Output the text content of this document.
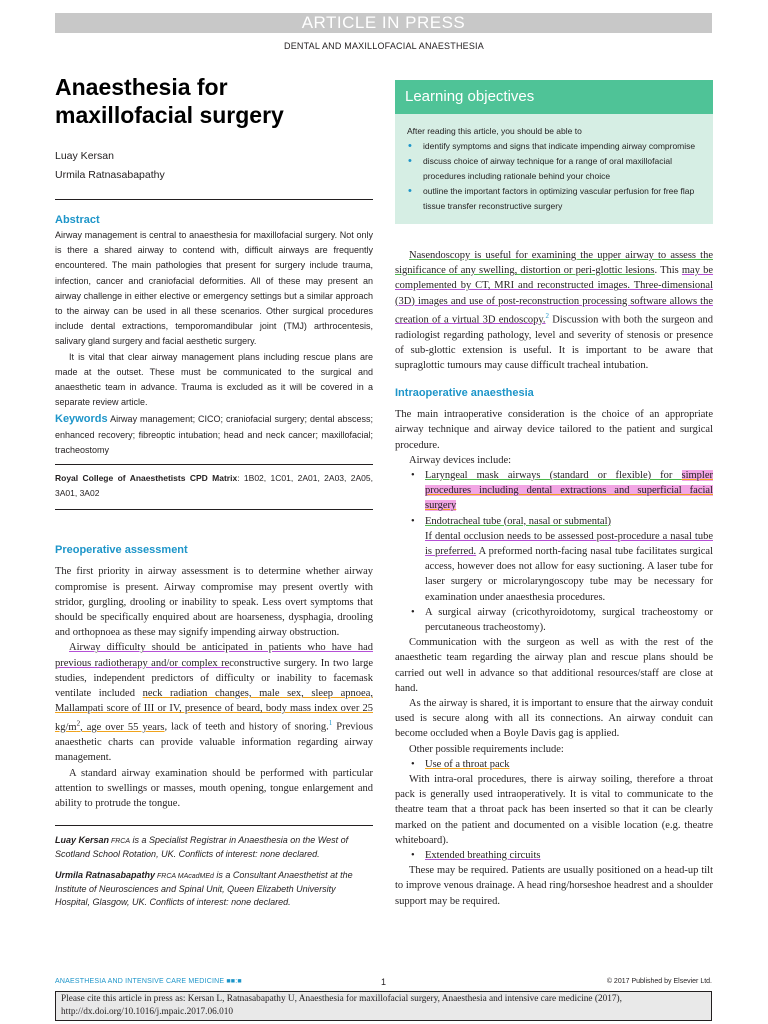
ARTICLE IN PRESS
DENTAL AND MAXILLOFACIAL ANAESTHESIA
Anaesthesia for maxillofacial surgery
Luay Kersan
Urmila Ratnasabapathy
Abstract

Airway management is central to anaesthesia for maxillofacial surgery. Not only is there a shared airway to contend with, difficult airways are frequently encountered. The main pathologies that present for surgery include trauma, infection, cancer and craniofacial deformities. All of these may present an airway challenge in either elective or emergency settings but a similar approach to the airway can be used in all these scenarios. Other surgical procedures include dental extractions, temporomandibular joint (TMJ) arthrocentesis, salivary gland surgery and facial aesthetic surgery.

It is vital that clear airway management plans including rescue plans are made at the outset. These must be communicated to the surgical and anaesthetic team in advance. Trauma is excluded as it will be covered in a separate review article.

Keywords Airway management; CICO; craniofacial surgery; dental abscess; enhanced recovery; fibreoptic intubation; head and neck cancer; maxillofacial; tracheostomy

Royal College of Anaesthetists CPD Matrix: 1B02, 1C01, 2A01, 2A03, 2A05, 3A01, 3A02

Preoperative assessment

The first priority in airway assessment is to determine whether airway compromise is present. Airway compromise may present overtly with stridor, gurgling, drooling or inability to speak. Less overt symptoms that should be specifically enquired about are hoarseness, dysphagia, drooling and orthopnoea as these may signify impending airway obstruction.

Airway difficulty should be anticipated in patients who have had previous radiotherapy and/or complex reconstructive surgery. In two large studies, independent predictors of difficulty or inability to facemask ventilate included neck radiation changes, male sex, sleep apnoea, Mallampati score of III or IV, presence of beard, body mass index over 25 $kg/m^2$, age over 55 years, lack of teeth and history of snoring.$^1$ Previous anaesthetic charts can provide valuable information regarding airway management.

A standard airway examination should be performed with particular attention to swellings or masses, mouth opening, tongue enlargement and ability to protrude the tongue.

Luay Kersan FRCA is a Specialist Registrar in Anaesthesia on the West of Scotland School Rotation, UK. Conflicts of interest: none declared.

Urmila Ratnasabapathy FRCA MAcadMEd is a Consultant Anaesthetist at the Institute of Neurosciences and Spinal Unit, Queen Elizabeth University Hospital, Glasgow, UK. Conflicts of interest: none declared.

Learning objectives
After reading this article, you should be able to
• identify symptoms and signs that indicate impending airway compromise
• discuss choice of airway technique for a range of oral maxillofacial procedures including rationale behind your choice
• outline the important factors in optimizing vascular perfusion for free flap tissue transfer reconstructive surgery

Nasendoscopy is useful for examining the upper airway to assess the significance of any swelling, distortion or peri-glottic lesions. This may be complemented by CT, MRI and reconstructed images. Three-dimensional (3D) images and use of post-reconstruction processing software allows the creation of a virtual 3D endoscopy.$^2$ Discussion with both the surgeon and radiologist regarding pathology, level and severity of stenosis or presence of sub-glottic extension is useful. It is important to be aware that supraglottic tumours may cause difficult tracheal intubation.

Intraoperative anaesthesia

The main intraoperative consideration is the choice of an appropriate airway technique and airway device tailored to the patient and surgical procedure.

Airway devices include:

• Laryngeal mask airways (standard or flexible) for simpler procedures including dental extractions and superficial facial surgery
• Endotracheal tube (oral, nasal or submental)
If dental occlusion needs to be assessed post-procedure a nasal tube is preferred. A preformed north-facing nasal tube facilitates surgical access, however does not allow for easy suctioning. A laser tube for laser surgery or microlaryngoscopy tube may be necessary for examination under anaesthesia procedures.
• A surgical airway (cricothyroidotomy, surgical tracheostomy or percutaneous tracheostomy).

Communication with the surgeon as well as with the rest of the anaesthetic team regarding the airway plan and rescue plans should be carried out well in advance so that additional resources/staff are close at hand.

As the airway is shared, it is important to ensure that the airway conduit used is secure along with all its connections. An airway conduit can become occluded when a Boyle Davis gag is applied.

Other possible requirements include:

• Use of a throat pack

With intra-oral procedures, there is airway soiling, therefore a throat pack is generally used intraoperatively. It is vital to communicate to the theatre team that a throat pack has been inserted so that it can be clearly marked on the patient and documented on a visible location (e.g. theatre whiteboard).

• Extended breathing circuits

These may be required. Patients are usually positioned on a head-up tilt to improve venous drainage. A head ring/horseshoe headrest and a shoulder support may be required.

ANAESTHESIA AND INTENSIVE CARE MEDICINE ■■:■	1	© 2017 Published by Elsevier Ltd.
Please cite this article in press as: Kersan L, Ratnasabapathy U, Anaesthesia for maxillofacial surgery, Anaesthesia and intensive care medicine (2017), http://dx.doi.org/10.1016/j.mpaic.2017.06.010
